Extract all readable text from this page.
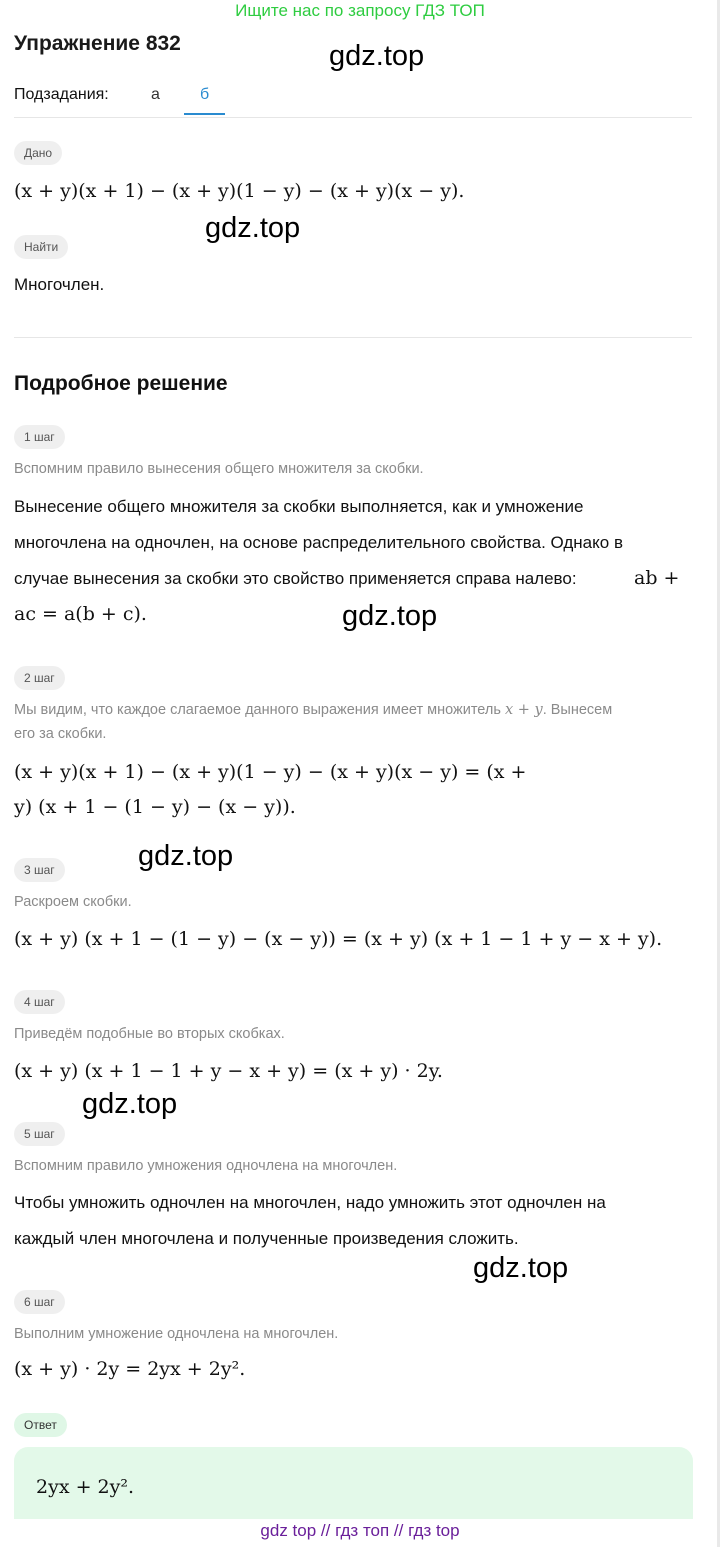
Ищите нас по запросу ГДЗ ТОП
Упражнение 832	gdz.top
Подзадания:	а	б
Дано
(x + y)(x + 1) − (x + y)(1 − y) − (x + y)(x − y).
gdz.top
Найти
Многочлен.
Подробное решение
1 шаг
Вспомним правило вынесения общего множителя за скобки.
Вынесение общего множителя за скобки выполняется, как и умножение
многочлена на одночлен, на основе распределительного свойства. Однако в
случае вынесения за скобки это свойство применяется справа налево:	ab +
ac = a(b + c).	gdz.top
2 шаг
Мы видим, что каждое слагаемое данного выражения имеет множитель x + y. Вынесем
его за скобки.
(x + y)(x + 1) − (x + y)(1 − y) − (x + y)(x − y) = (x +
y) (x + 1 − (1 − y) − (x − y)).
gdz.top
3 шаг
Раскроем скобки.
(x + y) (x + 1 − (1 − y) − (x − y)) = (x + y) (x + 1 − 1 + y − x + y).
4 шаг
Приведём подобные во вторых скобках.
(x + y) (x + 1 − 1 + y − x + y) = (x + y) · 2y.
gdz.top
5 шаг
Вспомним правило умножения одночлена на многочлен.
Чтобы умножить одночлен на многочлен, надо умножить этот одночлен на
каждый член многочлена и полученные произведения сложить.
gdz.top
6 шаг
Выполним умножение одночлена на многочлен.
(x + y) · 2y = 2yx + 2y².
Ответ
2yx + 2y².
gdz top // гдз топ // гдз top
